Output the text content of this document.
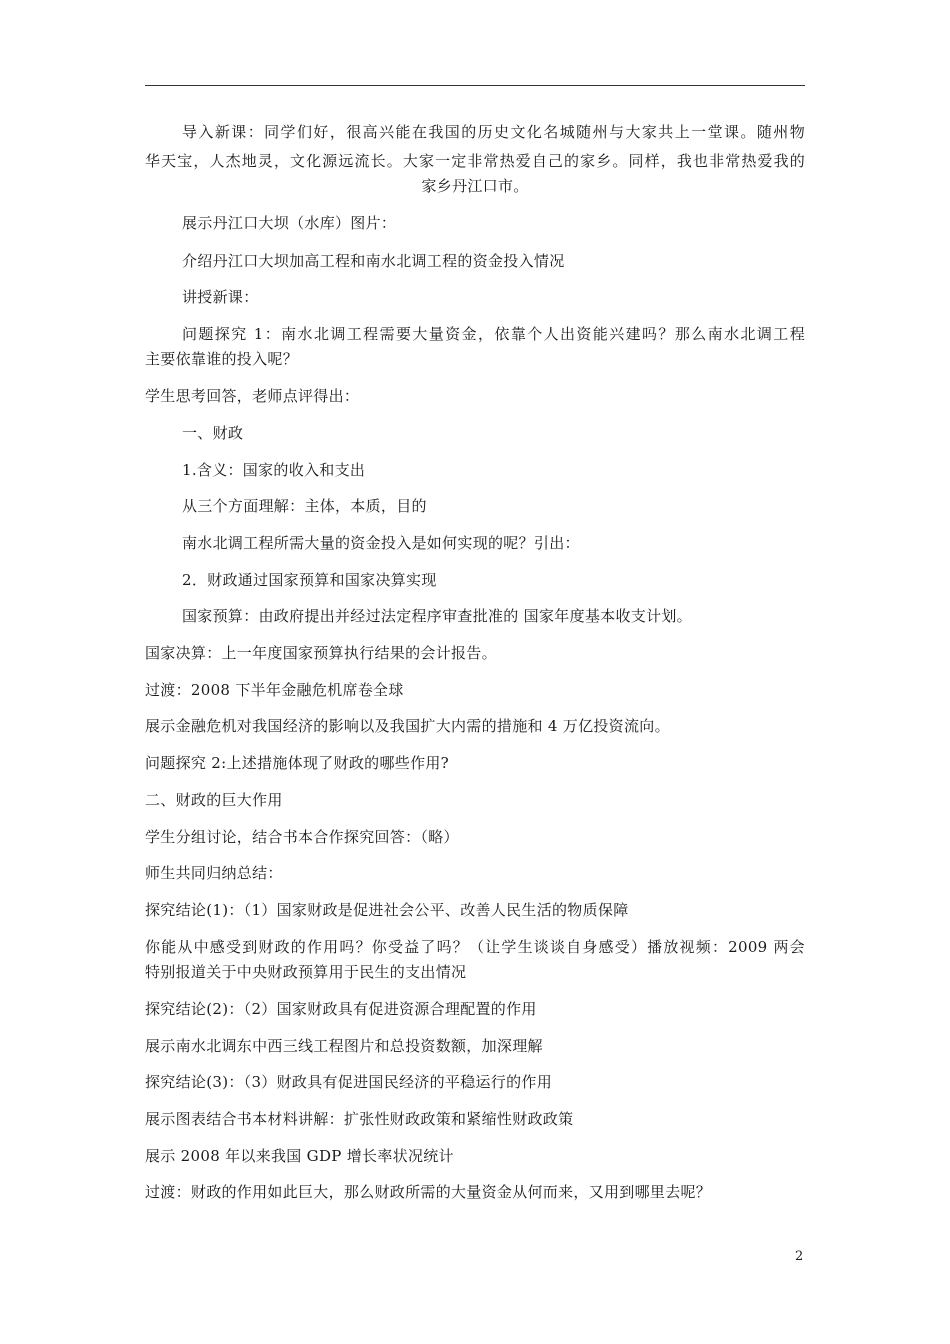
导入新课：同学们好，很高兴能在我国的历史文化名城随州与大家共上一堂课。随州物
华天宝，人杰地灵，文化源远流长。大家一定非常热爱自己的家乡。同样，我也非常热爱我的
家乡丹江口市。
展示丹江口大坝（水库）图片：
介绍丹江口大坝加高工程和南水北调工程的资金投入情况
讲授新课：
问题探究 1：南水北调工程需要大量资金，依靠个人出资能兴建吗？那么南水北调工程
主要依靠谁的投入呢？
学生思考回答，老师点评得出：
一、财政
1.含义：国家的收入和支出
从三个方面理解：主体，本质，目的
南水北调工程所需大量的资金投入是如何实现的呢？引出：
2．财政通过国家预算和国家决算实现
国家预算：由政府提出并经过法定程序审查批准的 国家年度基本收支计划。
国家决算：上一年度国家预算执行结果的会计报告。
过渡：2008 下半年金融危机席卷全球
展示金融危机对我国经济的影响以及我国扩大内需的措施和 4 万亿投资流向。
问题探究 2:上述措施体现了财政的哪些作用?
二、财政的巨大作用
学生分组讨论，结合书本合作探究回答：（略）
师生共同归纳总结：
探究结论(1)：（1）国家财政是促进社会公平、改善人民生活的物质保障
你能从中感受到财政的作用吗？你受益了吗？（让学生谈谈自身感受）播放视频：2009 两会
特别报道关于中央财政预算用于民生的支出情况
探究结论(2)：（2）国家财政具有促进资源合理配置的作用
展示南水北调东中西三线工程图片和总投资数额，加深理解
探究结论(3)：（3）财政具有促进国民经济的平稳运行的作用
展示图表结合书本材料讲解：扩张性财政政策和紧缩性财政政策
展示 2008 年以来我国 GDP 增长率状况统计
过渡：财政的作用如此巨大，那么财政所需的大量资金从何而来，又用到哪里去呢？
2
